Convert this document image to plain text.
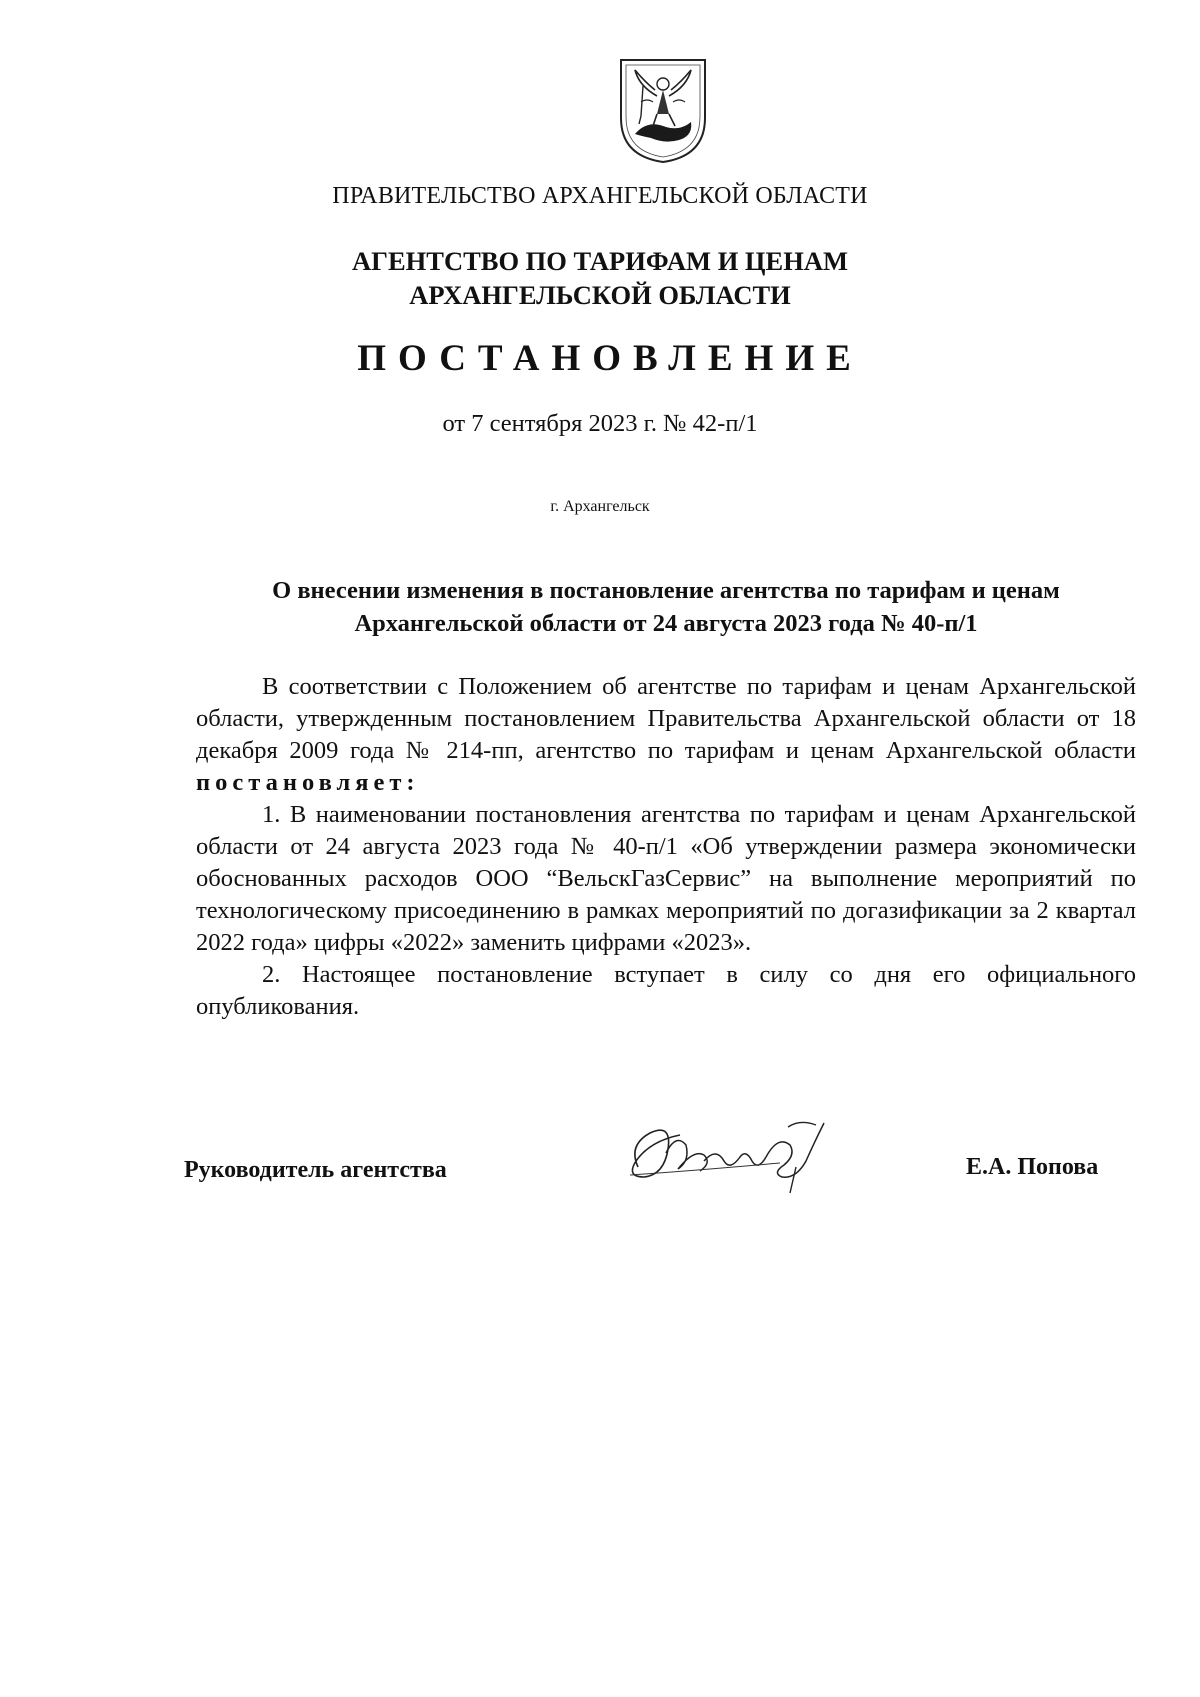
ПРАВИТЕЛЬСТВО АРХАНГЕЛЬСКОЙ ОБЛАСТИ
АГЕНТСТВО ПО ТАРИФАМ И ЦЕНАМ
АРХАНГЕЛЬСКОЙ ОБЛАСТИ
ПОСТАНОВЛЕНИЕ
от 7 сентября 2023 г. № 42-п/1
г. Архангельск
О внесении изменения в постановление агентства по тарифам и ценам
Архангельской области от 24 августа 2023 года № 40-п/1

В соответствии с Положением об агентстве по тарифам и ценам Архангельской области, утвержденным постановлением Правительства Архангельской области от 18 декабря 2009 года № 214-пп, агентство по тарифам и ценам Архангельской области постановляет:

1. В наименовании постановления агентства по тарифам и ценам Архангельской области от 24 августа 2023 года № 40-п/1 «Об утверждении размера экономически обоснованных расходов ООО “ВельскГазСервис” на выполнение мероприятий по технологическому присоединению в рамках мероприятий по догазификации за 2 квартал 2022 года» цифры «2022» заменить цифрами «2023».

2. Настоящее постановление вступает в силу со дня его официального опубликования.

Руководитель агентства	Е.А. Попова
